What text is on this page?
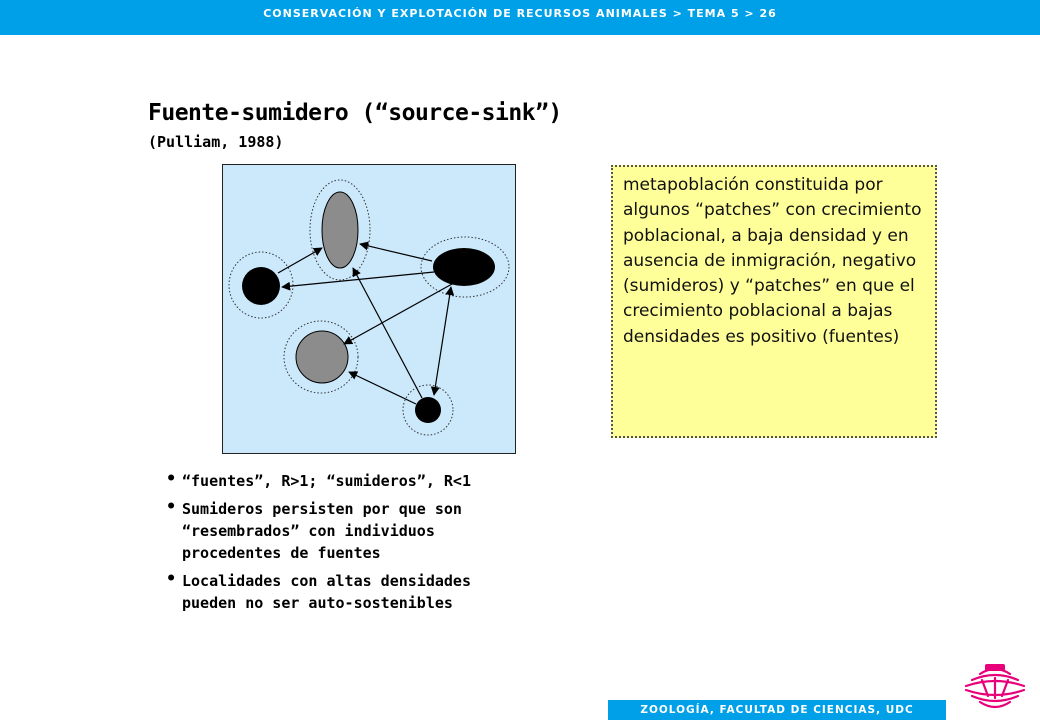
CONSERVACIÓN Y EXPLOTACIÓN DE RECURSOS ANIMALES > TEMA 5 > 26
Fuente-sumidero (“source-sink”)
(Pulliam, 1988)
metapoblación constituida por algunos “patches” con crecimiento poblacional, a baja densidad y en ausencia de inmigración, negativo (sumideros) y “patches” en que el crecimiento poblacional a bajas densidades es positivo (fuentes)
• “fuentes”, R>1; “sumideros”, R<1
• Sumideros persisten por que son “resembrados” con individuos procedentes de fuentes
• Localidades con altas densidades pueden no ser auto-sostenibles
ZOOLOGÍA, FACULTAD DE CIENCIAS, UDC
